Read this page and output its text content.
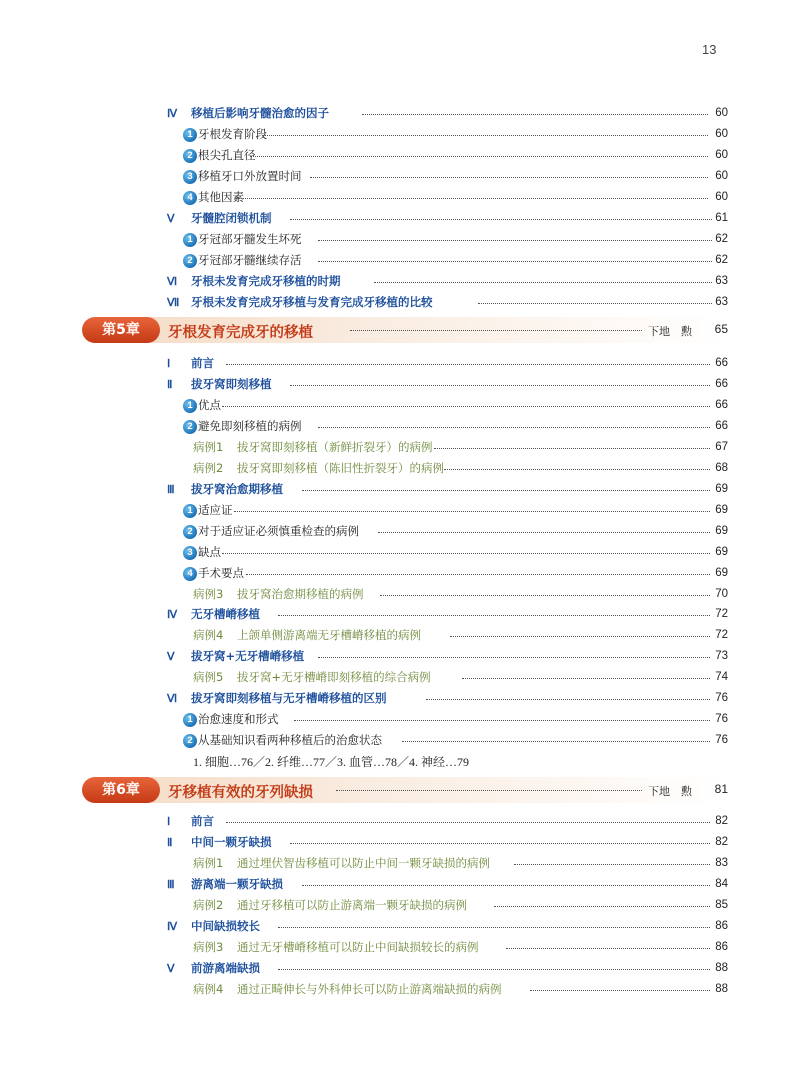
13
Ⅳ 移植后影响牙髓治愈的因子	60
1 牙根发育阶段	60
2 根尖孔直径	60
3 移植牙口外放置时间	60
4 其他因素	60
Ⅴ 牙髓腔闭锁机制	61
1 牙冠部牙髓发生坏死	62
2 牙冠部牙髓继续存活	62
Ⅵ 牙根未发育完成牙移植的时期	63
Ⅶ 牙根未发育完成牙移植与发育完成牙移植的比较	63
第5章	牙根发育完成牙的移植	下地　勲 65
Ⅰ 前言	66
Ⅱ 拔牙窝即刻移植	66
1 优点	66
2 避免即刻移植的病例	66
病例1 拔牙窝即刻移植（新鲜折裂牙）的病例	67
病例2 拔牙窝即刻移植（陈旧性折裂牙）的病例	68
Ⅲ 拔牙窝治愈期移植	69
1 适应证	69
2 对于适应证必须慎重检查的病例	69
3 缺点	69
4 手术要点	69
病例3 拔牙窝治愈期移植的病例	70
Ⅳ 无牙槽嵴移植	72
病例4 上颌单侧游离端无牙槽嵴移植的病例	72
Ⅴ 拔牙窝+无牙槽嵴移植	73
病例5 拔牙窝+无牙槽嵴即刻移植的综合病例	74
Ⅵ 拔牙窝即刻移植与无牙槽嵴移植的区别	76
1 治愈速度和形式	76
2 从基础知识看两种移植后的治愈状态	76
1. 细胞…76／2. 纤维…77／3. 血管…78／4. 神经…79
第6章	牙移植有效的牙列缺损	下地　勲 81
Ⅰ 前言	82
Ⅱ 中间一颗牙缺损	82
病例1 通过埋伏智齿移植可以防止中间一颗牙缺损的病例	83
Ⅲ 游离端一颗牙缺损	84
病例2 通过牙移植可以防止游离端一颗牙缺损的病例	85
Ⅳ 中间缺损较长	86
病例3 通过无牙槽嵴移植可以防止中间缺损较长的病例	86
Ⅴ 前游离端缺损	88
病例4 通过正畸伸长与外科伸长可以防止游离端缺损的病例	88
